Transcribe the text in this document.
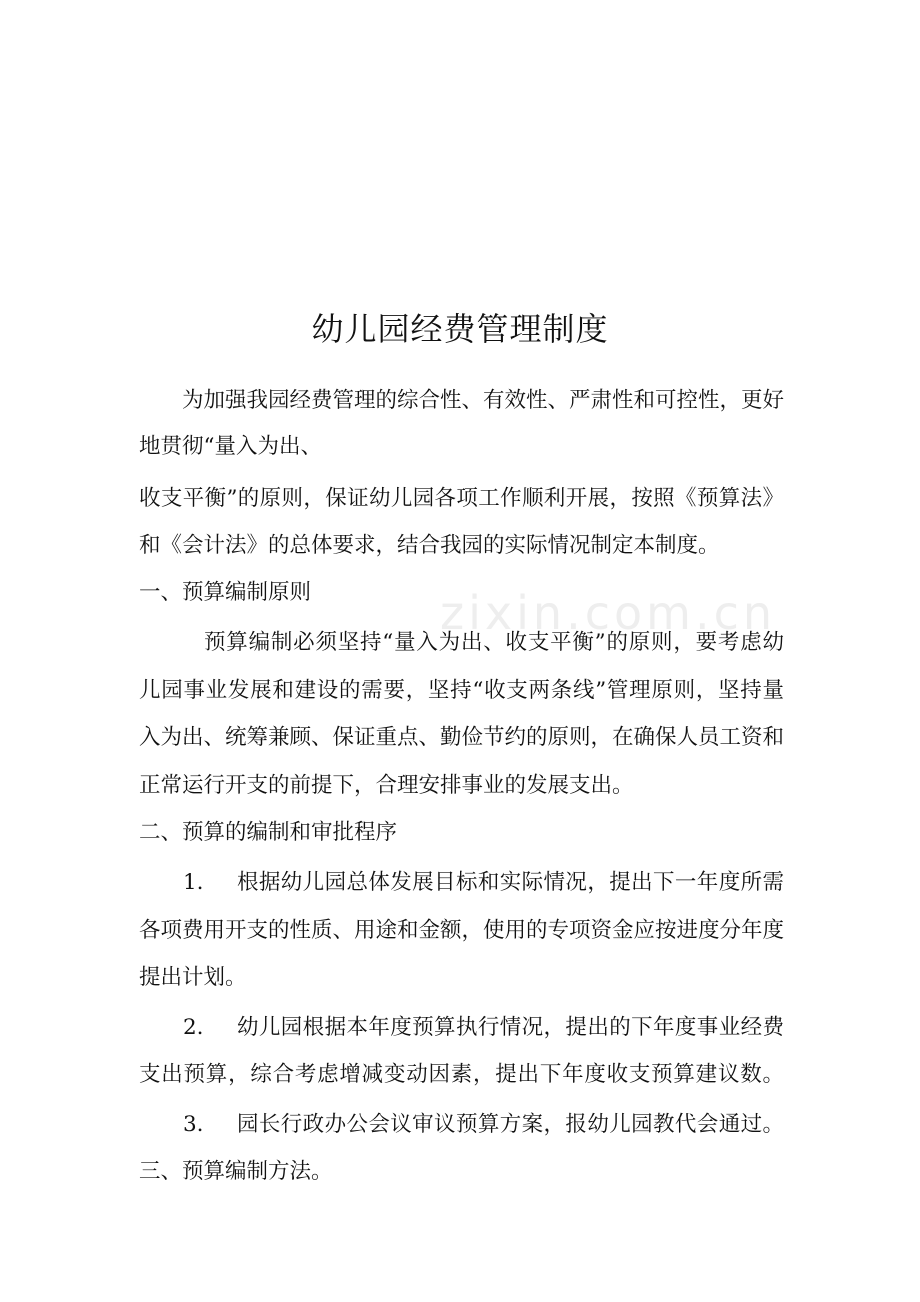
zixin.com.cn
幼儿园经费管理制度

为加强我园经费管理的综合性、有效性、严肃性和可控性，更好

地贯彻“量入为出、

收支平衡”的原则，保证幼儿园各项工作顺利开展，按照《预算法》

和《会计法》的总体要求，结合我园的实际情况制定本制度。

一、预算编制原则

预算编制必须坚持“量入为出、收支平衡”的原则，要考虑幼

儿园事业发展和建设的需要，坚持“收支两条线”管理原则，坚持量

入为出、统筹兼顾、保证重点、勤俭节约的原则，在确保人员工资和

正常运行开支的前提下，合理安排事业的发展支出。

二、预算的编制和审批程序

1.	根据幼儿园总体发展目标和实际情况，提出下一年度所需

各项费用开支的性质、用途和金额，使用的专项资金应按进度分年度

提出计划。

2.	幼儿园根据本年度预算执行情况，提出的下年度事业经费

支出预算，综合考虑增减变动因素，提出下年度收支预算建议数。

3.	园长行政办公会议审议预算方案，报幼儿园教代会通过。

三、预算编制方法。
